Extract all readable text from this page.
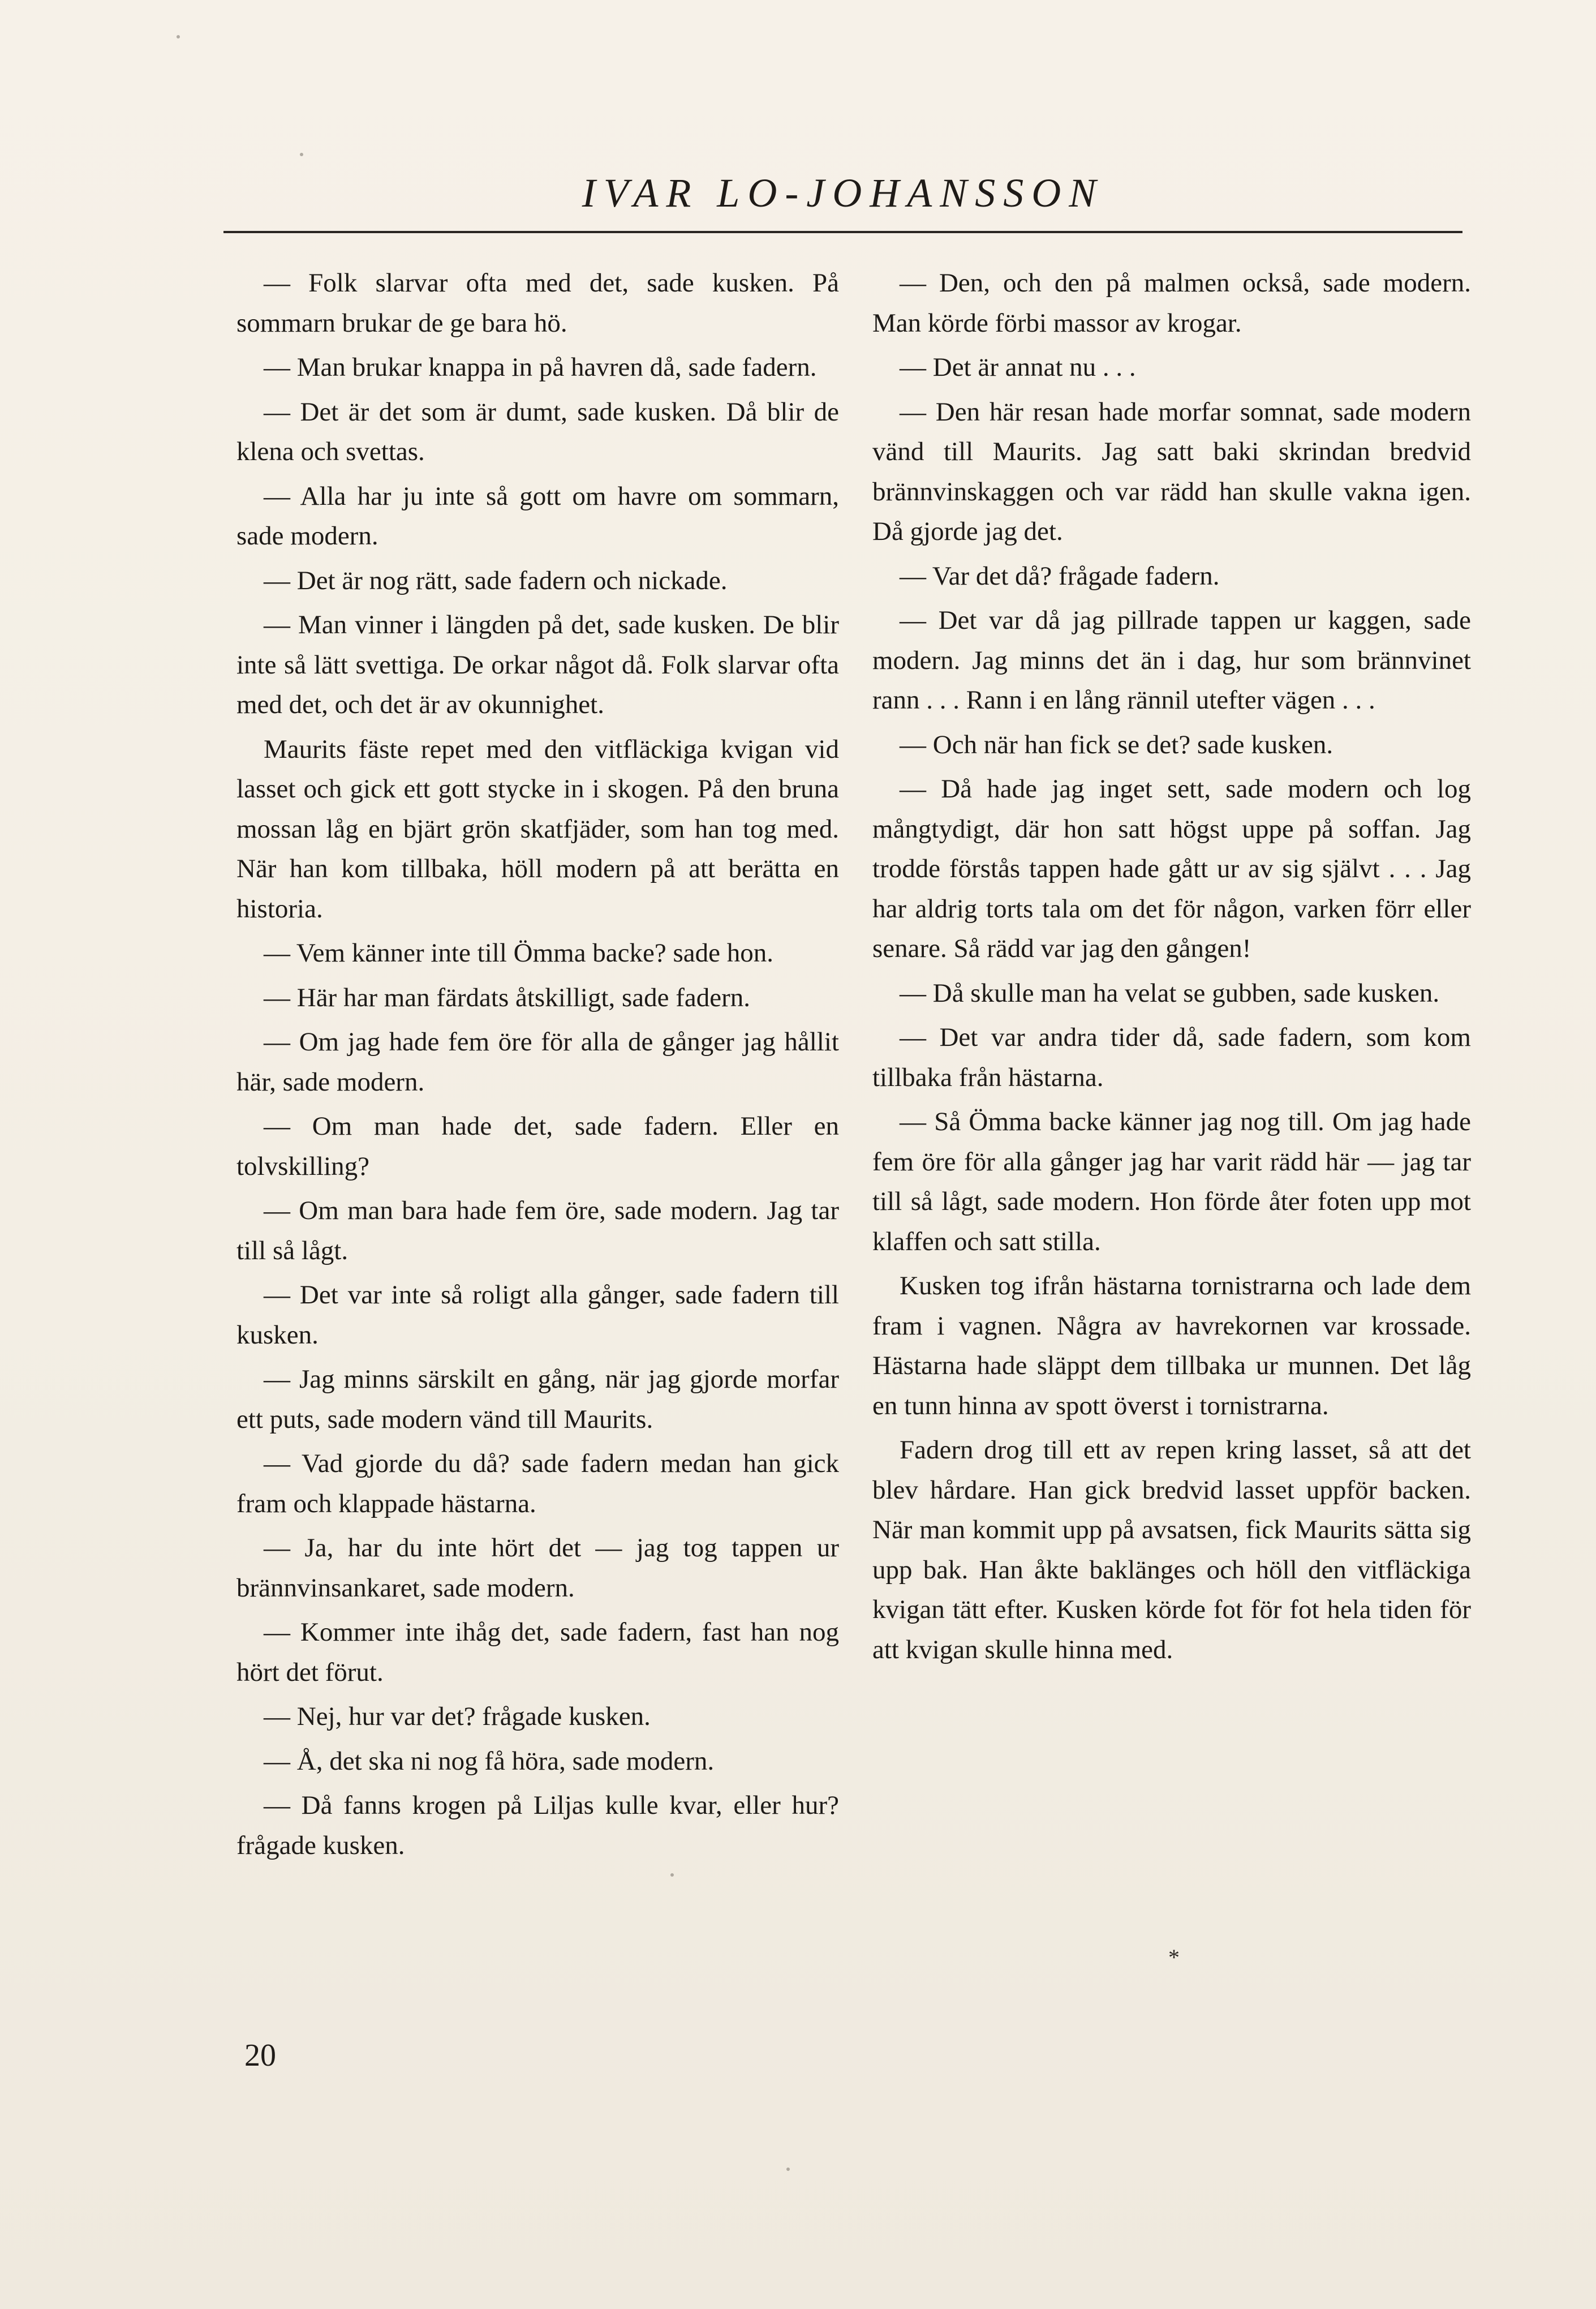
IVAR LO-JOHANSSON

— Folk slarvar ofta med det, sade kusken. På sommarn brukar de ge bara hö.

— Man brukar knappa in på havren då, sade fadern.

— Det är det som är dumt, sade kusken. Då blir de klena och svettas.

— Alla har ju inte så gott om havre om sommarn, sade modern.

— Det är nog rätt, sade fadern och nickade.

— Man vinner i längden på det, sade kusken. De blir inte så lätt svettiga. De orkar något då. Folk slarvar ofta med det, och det är av okunnighet.

Maurits fäste repet med den vitfläckiga kvigan vid lasset och gick ett gott stycke in i skogen. På den bruna mossan låg en bjärt grön skatfjäder, som han tog med. När han kom tillbaka, höll modern på att berätta en historia.

— Vem känner inte till Ömma backe? sade hon.

— Här har man färdats åtskilligt, sade fadern.

— Om jag hade fem öre för alla de gånger jag hållit här, sade modern.

— Om man hade det, sade fadern. Eller en tolvskilling?

— Om man bara hade fem öre, sade modern. Jag tar till så lågt.

— Det var inte så roligt alla gånger, sade fadern till kusken.

— Jag minns särskilt en gång, när jag gjorde morfar ett puts, sade modern vänd till Maurits.

— Vad gjorde du då? sade fadern medan han gick fram och klappade hästarna.

— Ja, har du inte hört det — jag tog tappen ur brännvinsankaret, sade modern.

— Kommer inte ihåg det, sade fadern, fast han nog hört det förut.

— Nej, hur var det? frågade kusken.

— Å, det ska ni nog få höra, sade modern.

— Då fanns krogen på Liljas kulle kvar, eller hur? frågade kusken.

— Den, och den på malmen också, sade modern. Man körde förbi massor av krogar.

— Det är annat nu . . .

— Den här resan hade morfar somnat, sade modern vänd till Maurits. Jag satt baki skrindan bredvid brännvinskaggen och var rädd han skulle vakna igen. Då gjorde jag det.

— Var det då? frågade fadern.

— Det var då jag pillrade tappen ur kaggen, sade modern. Jag minns det än i dag, hur som brännvinet rann . . . Rann i en lång rännil utefter vägen . . .

— Och när han fick se det? sade kusken.

— Då hade jag inget sett, sade modern och log mångtydigt, där hon satt högst uppe på soffan. Jag trodde förstås tappen hade gått ur av sig självt . . . Jag har aldrig torts tala om det för någon, varken förr eller senare. Så rädd var jag den gången!

— Då skulle man ha velat se gubben, sade kusken.

— Det var andra tider då, sade fadern, som kom tillbaka från hästarna.

— Så Ömma backe känner jag nog till. Om jag hade fem öre för alla gånger jag har varit rädd här — jag tar till så lågt, sade modern. Hon förde åter foten upp mot klaffen och satt stilla.

Kusken tog ifrån hästarna tornistrarna och lade dem fram i vagnen. Några av havrekornen var krossade. Hästarna hade släppt dem tillbaka ur munnen. Det låg en tunn hinna av spott överst i tornistrarna.

Fadern drog till ett av repen kring lasset, så att det blev hårdare. Han gick bredvid lasset uppför backen. När man kommit upp på avsatsen, fick Maurits sätta sig upp bak. Han åkte baklänges och höll den vitfläckiga kvigan tätt efter. Kusken körde fot för fot hela tiden för att kvigan skulle hinna med.

*
20
